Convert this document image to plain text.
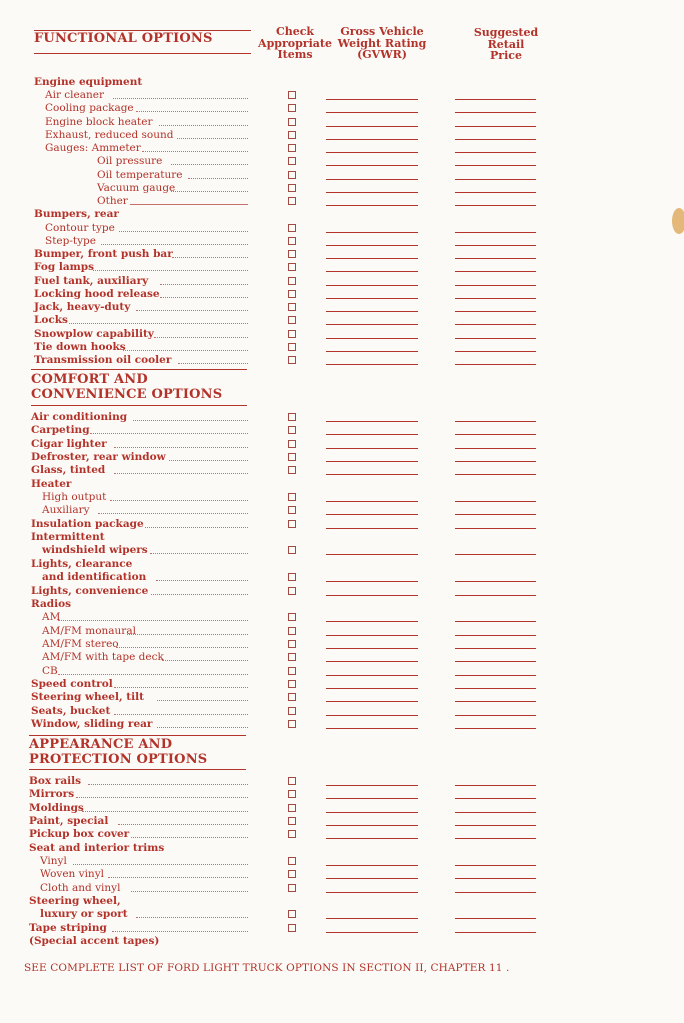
Check
Appropriate
Items
Gross Vehicle
Weight Rating
(GVWR)
Suggested
Retail
Price
FUNCTIONAL OPTIONS
Engine equipment
Air cleaner
Cooling package
Engine block heater
Exhaust, reduced sound
Gauges: Ammeter
Oil pressure
Oil temperature
Vacuum gauge
Other
Bumpers, rear
Contour type
Step-type
Bumper, front push bar
Fog lamps
Fuel tank, auxiliary
Locking hood release
Jack, heavy-duty
Locks
Snowplow capability
Tie down hooks
Transmission oil cooler
COMFORT AND
CONVENIENCE OPTIONS
Air conditioning
Carpeting
Cigar lighter
Defroster, rear window
Glass, tinted
Heater
High output
Auxiliary
Insulation package
Intermittent
windshield wipers
Lights, clearance
and identification
Lights, convenience
Radios
AM
AM/FM monaural
AM/FM stereo
AM/FM with tape deck
CB
Speed control
Steering wheel, tilt
Seats, bucket
Window, sliding rear
APPEARANCE AND
PROTECTION OPTIONS
Box rails
Mirrors
Moldings
Paint, special
Pickup box cover
Seat and interior trims
Vinyl
Woven vinyl
Cloth and vinyl
Steering wheel,
luxury or sport
Tape striping
(Special accent tapes)
SEE COMPLETE LIST OF FORD LIGHT TRUCK OPTIONS IN SECTION II, CHAPTER 11 .
